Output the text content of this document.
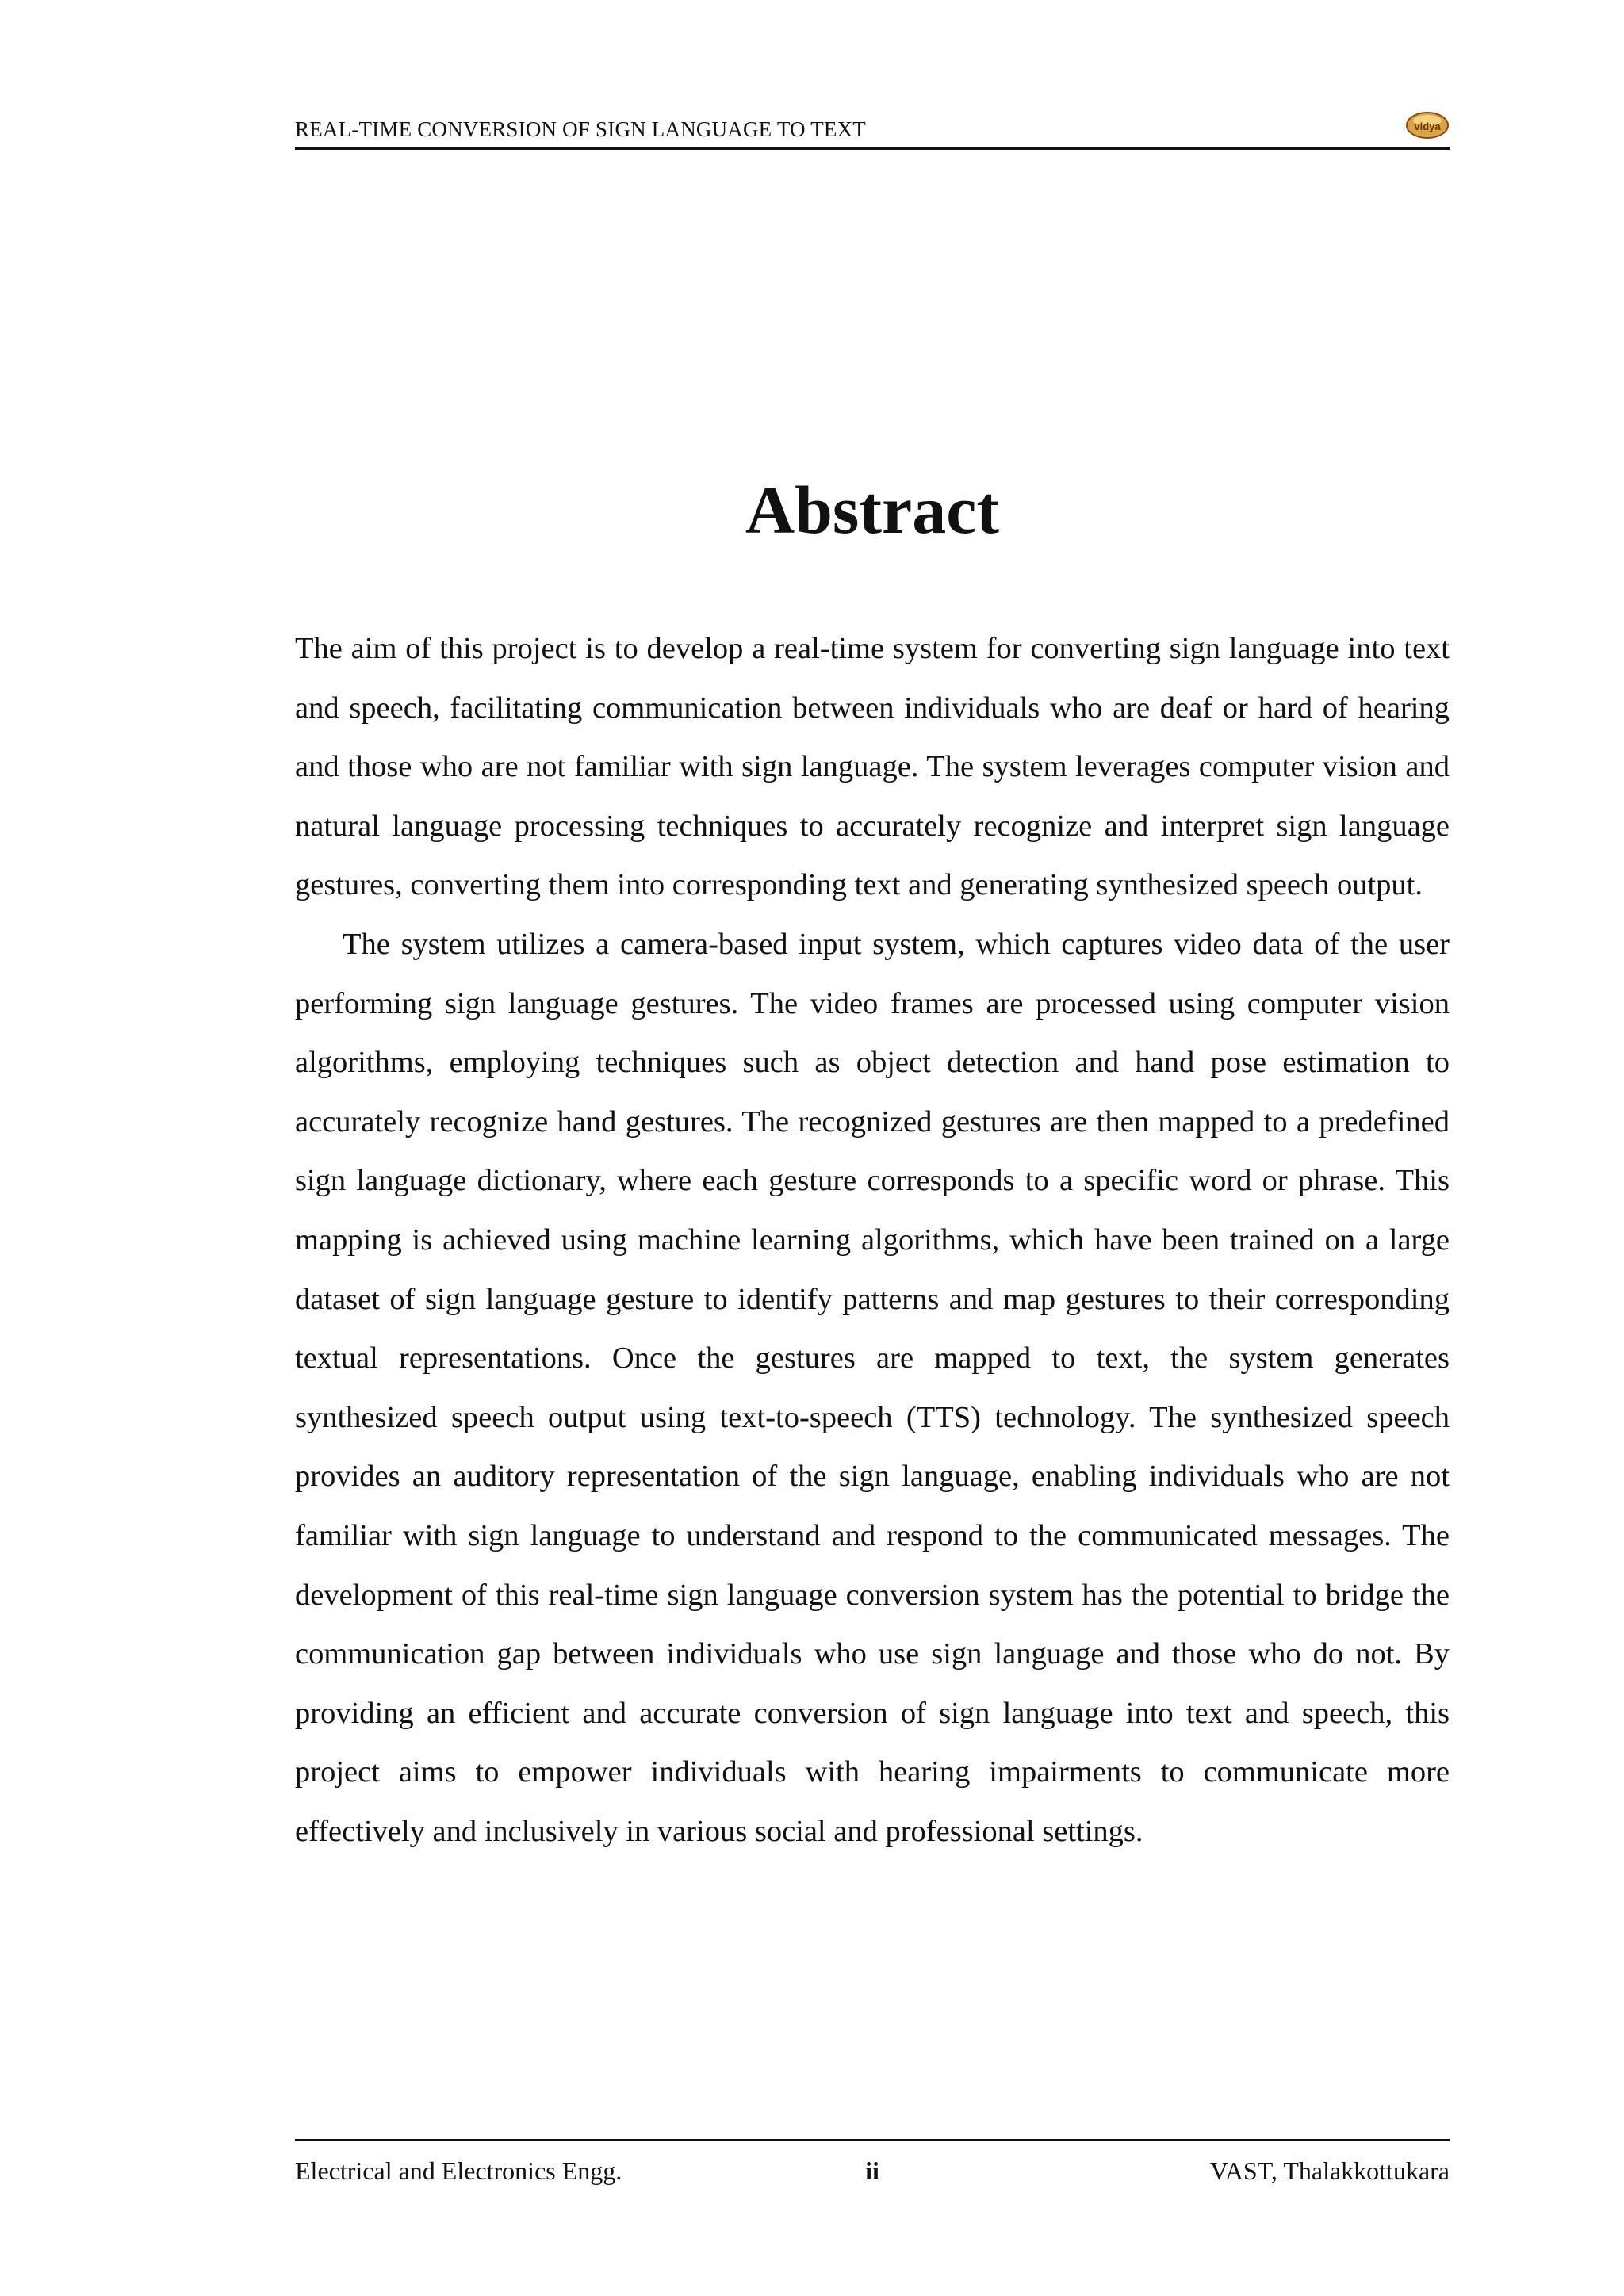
REAL-TIME CONVERSION OF SIGN LANGUAGE TO TEXT	vidya
Abstract

The aim of this project is to develop a real-time system for converting sign language into text and speech, facilitating communication between individuals who are deaf or hard of hearing and those who are not familiar with sign language. The system leverages computer vision and natural language processing techniques to accurately recognize and interpret sign language gestures, converting them into corresponding text and generating synthesized speech output.

The system utilizes a camera-based input system, which captures video data of the user performing sign language gestures. The video frames are processed using computer vision algorithms, employing techniques such as object detection and hand pose estimation to accurately recognize hand gestures. The recognized gestures are then mapped to a predefined sign language dictionary, where each gesture corresponds to a specific word or phrase. This mapping is achieved using machine learning algorithms, which have been trained on a large dataset of sign language gesture to identify patterns and map gestures to their corresponding textual representations. Once the gestures are mapped to text, the system generates synthesized speech output using text-to-speech (TTS) technology. The synthesized speech provides an auditory representation of the sign language, enabling individuals who are not familiar with sign language to understand and respond to the communicated messages. The development of this real-time sign language conversion system has the potential to bridge the communication gap between individuals who use sign language and those who do not. By providing an efficient and accurate conversion of sign language into text and speech, this project aims to empower individuals with hearing impairments to communicate more effectively and inclusively in various social and professional settings.

Electrical and Electronics Engg.	ii	VAST, Thalakkottukara
